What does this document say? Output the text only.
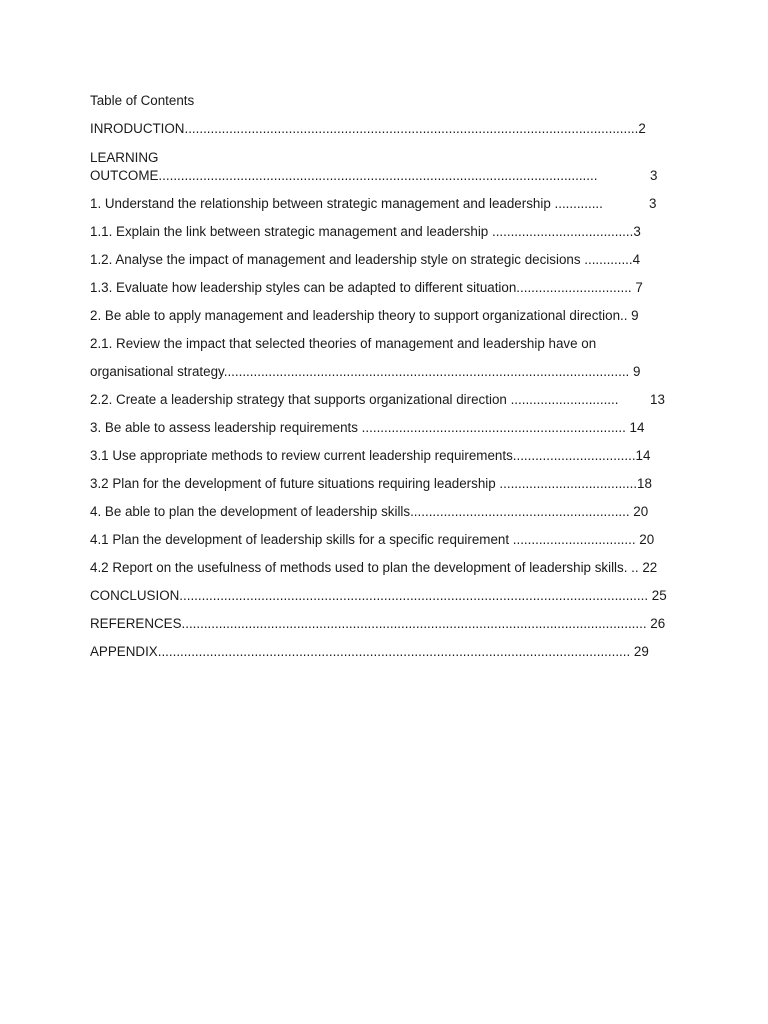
Table of Contents
INRODUCTION..........................................................................................................................2
LEARNING
OUTCOME......................................................................................................................	3
1. Understand the relationship between strategic management and leadership .............	3
1.1. Explain the link between strategic management and leadership ......................................3
1.2. Analyse the impact of management and leadership style on strategic decisions .............4
1.3. Evaluate how leadership styles can be adapted to different situation............................... 7
2. Be able to apply management and leadership theory to support organizational direction.. 9
2.1. Review the impact that selected theories of management and leadership have on
organisational strategy............................................................................................................. 9
2.2. Create a leadership strategy that supports organizational direction ............................. 13
3. Be able to assess leadership requirements ....................................................................... 14
3.1 Use appropriate methods to review current leadership requirements.................................14
3.2 Plan for the development of future situations requiring leadership .....................................18
4. Be able to plan the development of leadership skills........................................................... 20
4.1 Plan the development of leadership skills for a specific requirement ................................. 20
4.2 Report on the usefulness of methods used to plan the development of leadership skills. .. 22
CONCLUSION.............................................................................................................................. 25
REFERENCES............................................................................................................................. 26
APPENDIX............................................................................................................................... 29
